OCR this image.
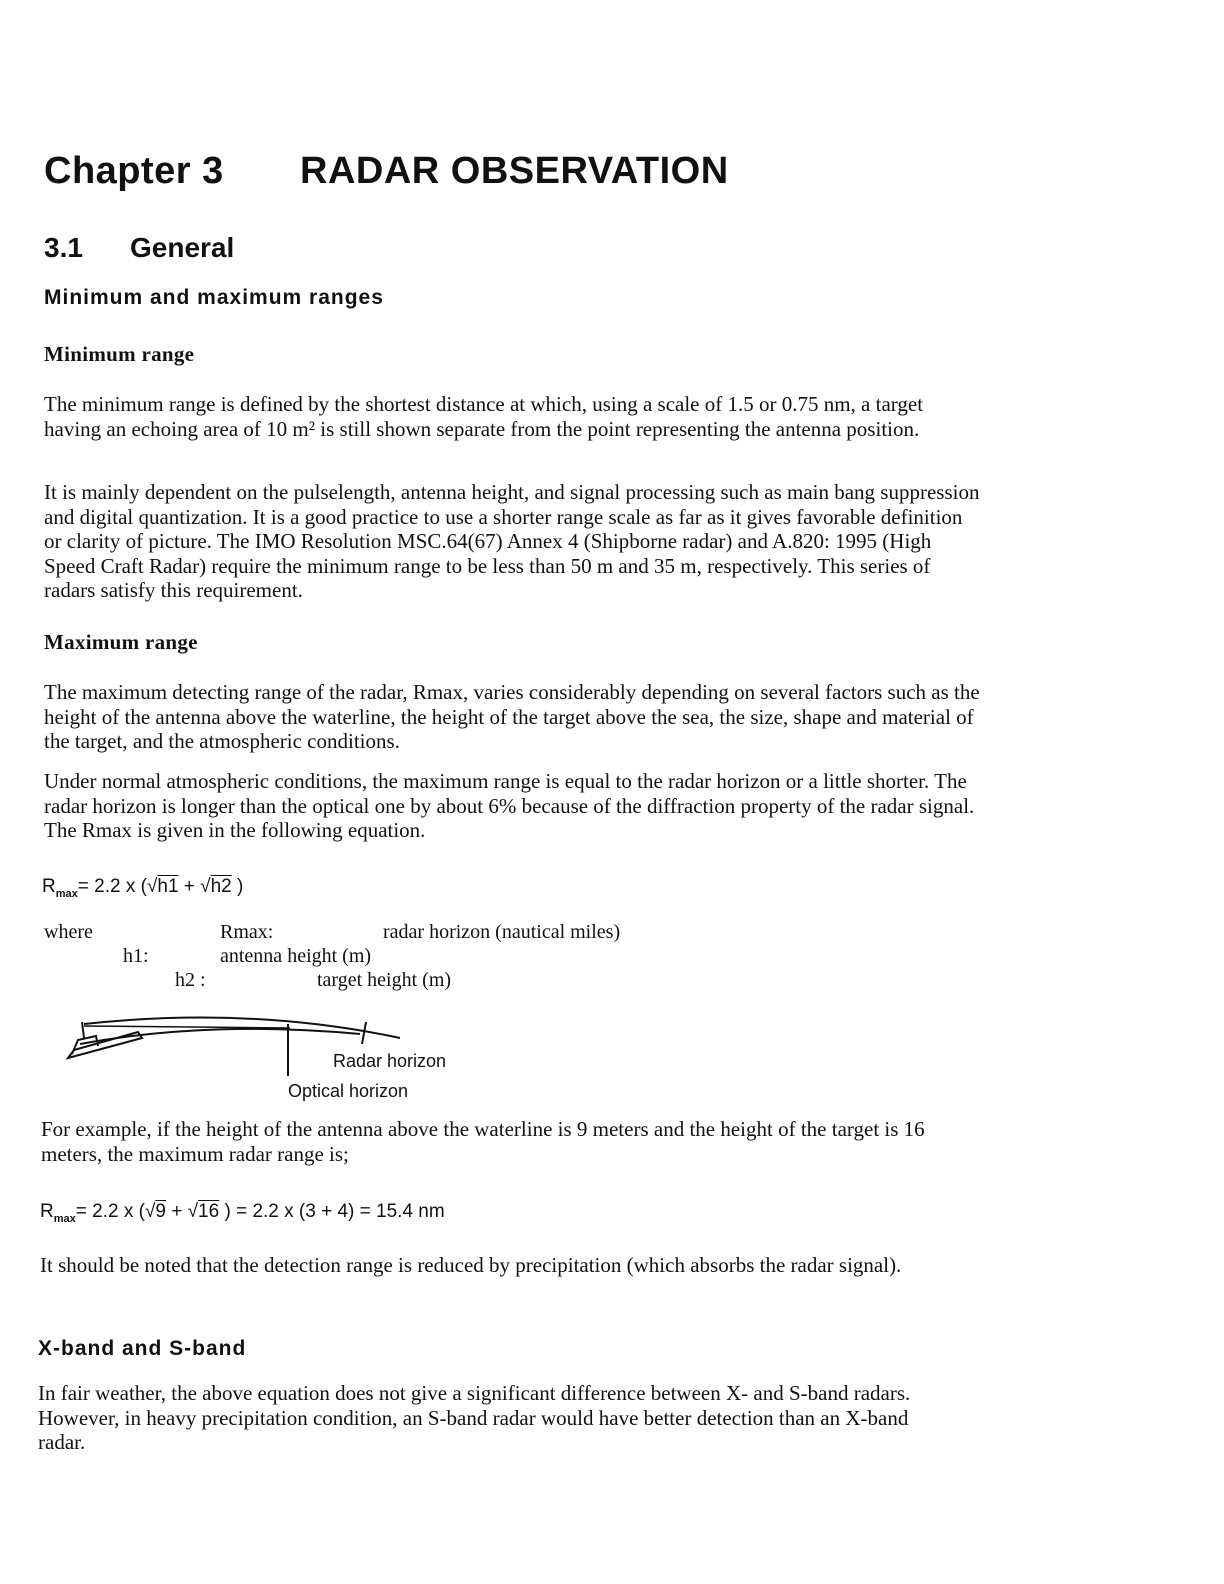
Chapter 3 RADAR OBSERVATION
3.1 General
Minimum and maximum ranges
Minimum range

The minimum range is defined by the shortest distance at which, using a scale of 1.5 or 0.75 nm, a target having an echoing area of 10 m² is still shown separate from the point representing the antenna position.

It is mainly dependent on the pulselength, antenna height, and signal processing such as main bang suppression and digital quantization. It is a good practice to use a shorter range scale as far as it gives favorable definition or clarity of picture. The IMO Resolution MSC.64(67) Annex 4 (Shipborne radar) and A.820: 1995 (High Speed Craft Radar) require the minimum range to be less than 50 m and 35 m, respectively. This series of radars satisfy this requirement.

Maximum range

The maximum detecting range of the radar, Rmax, varies considerably depending on several factors such as the height of the antenna above the waterline, the height of the target above the sea, the size, shape and material of the target, and the atmospheric conditions.

Under normal atmospheric conditions, the maximum range is equal to the radar horizon or a little shorter. The radar horizon is longer than the optical one by about 6% because of the diffraction property of the radar signal. The Rmax is given in the following equation.

$R_{max}= 2.2$ x (√h1 + √h2 )
where	Rmax:	radar horizon (nautical miles)
h1:	antenna height (m)
h2 :	target height (m)
Radar horizon
Optical horizon

For example, if the height of the antenna above the waterline is 9 meters and the height of the target is 16 meters, the maximum radar range is;

$R_{max}= 2.2$ x (√9 + √16 ) = 2.2 x (3 + 4) = 15.4 nm

It should be noted that the detection range is reduced by precipitation (which absorbs the radar signal).

X-band and S-band

In fair weather, the above equation does not give a significant difference between X- and S-band radars. However, in heavy precipitation condition, an S-band radar would have better detection than an X-band radar.
